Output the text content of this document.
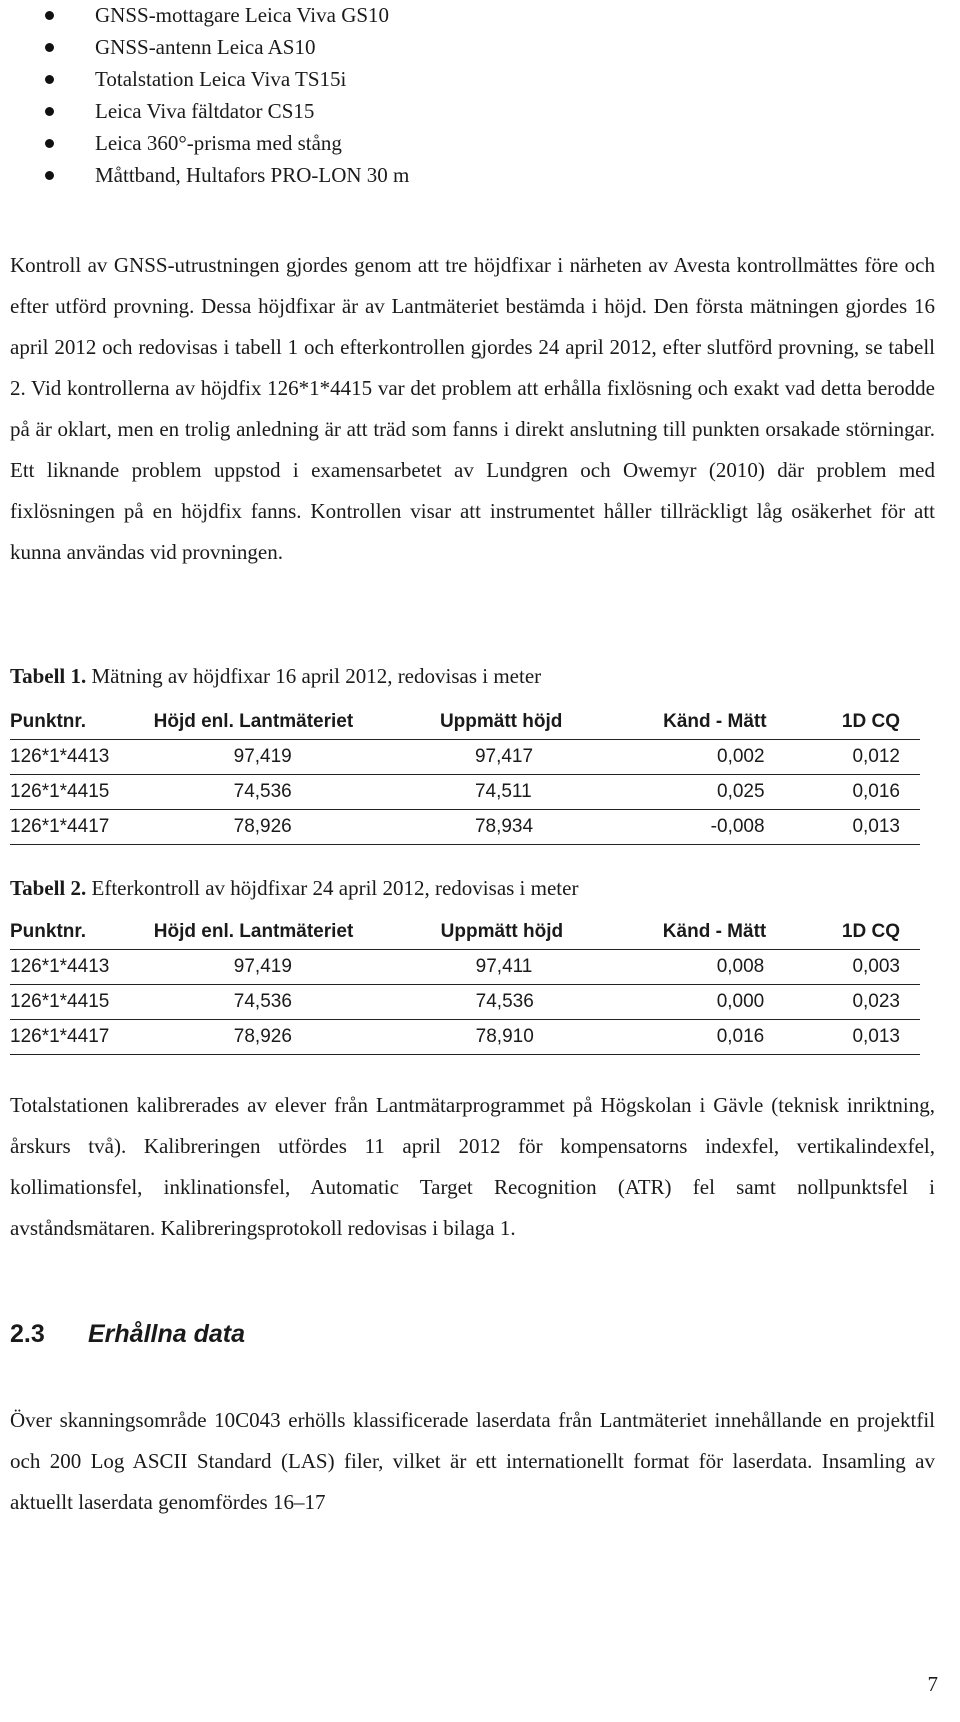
GNSS-mottagare Leica Viva GS10
GNSS-antenn Leica AS10
Totalstation Leica Viva TS15i
Leica Viva fältdator CS15
Leica 360°-prisma med stång
Måttband, Hultafors PRO-LON 30 m

Kontroll av GNSS-utrustningen gjordes genom att tre höjdfixar i närheten av Avesta kontrollmättes före och efter utförd provning. Dessa höjdfixar är av Lantmäteriet bestämda i höjd. Den första mätningen gjordes 16 april 2012 och redovisas i tabell 1 och efterkontrollen gjordes 24 april 2012, efter slutförd provning, se tabell 2. Vid kontrollerna av höjdfix 126*1*4415 var det problem att erhålla fixlösning och exakt vad detta berodde på är oklart, men en trolig anledning är att träd som fanns i direkt anslutning till punkten orsakade störningar. Ett liknande problem uppstod i examensarbetet av Lundgren och Owemyr (2010) där problem med fixlösningen på en höjdfix fanns. Kontrollen visar att instrumentet håller tillräckligt låg osäkerhet för att kunna användas vid provningen.

Tabell 1. Mätning av höjdfixar 16 april 2012, redovisas i meter
Punktnr.	Höjd enl. Lantmäteriet	Uppmätt höjd	Känd - Mätt	1D CQ
126*1*4413	97,419	97,417	0,002	0,012
126*1*4415	74,536	74,511	0,025	0,016
126*1*4417	78,926	78,934	-0,008	0,013
Tabell 2. Efterkontroll av höjdfixar 24 april 2012, redovisas i meter
Punktnr.	Höjd enl. Lantmäteriet	Uppmätt höjd	Känd - Mätt	1D CQ
126*1*4413	97,419	97,411	0,008	0,003
126*1*4415	74,536	74,536	0,000	0,023
126*1*4417	78,926	78,910	0,016	0,013

Totalstationen kalibrerades av elever från Lantmätarprogrammet på Högskolan i Gävle (teknisk inriktning, årskurs två). Kalibreringen utfördes 11 april 2012 för kompensatorns indexfel, vertikalindexfel, kollimationsfel, inklinationsfel, Automatic Target Recognition (ATR) fel samt nollpunktsfel i avståndsmätaren. Kalibreringsprotokoll redovisas i bilaga 1.

2.3 Erhållna data

Över skanningsområde 10C043 erhölls klassificerade laserdata från Lantmäteriet innehållande en projektfil och 200 Log ASCII Standard (LAS) filer, vilket är ett internationellt format för laserdata. Insamling av aktuellt laserdata genomfördes 16–17

7
